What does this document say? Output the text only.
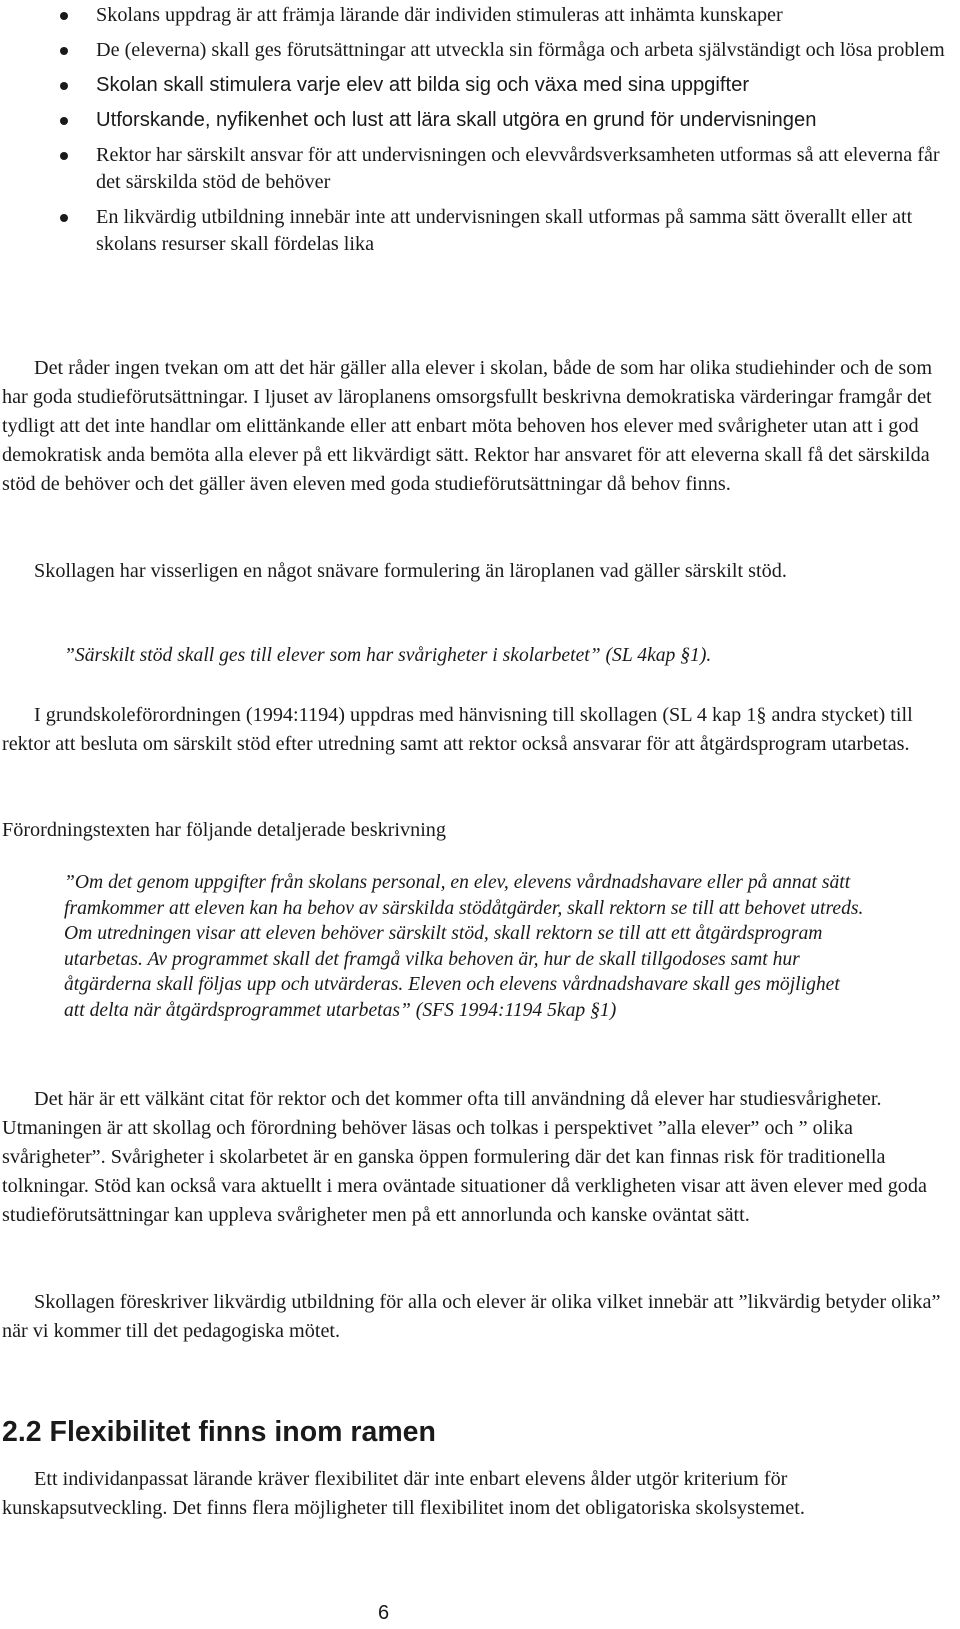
Skolans uppdrag är att främja lärande där individen stimuleras att inhämta kunskaper
De (eleverna) skall ges förutsättningar att utveckla sin förmåga och arbeta självständigt och lösa problem
Skolan skall stimulera varje elev att bilda sig och växa med sina uppgifter
Utforskande, nyfikenhet och lust att lära skall utgöra en grund för undervisningen
Rektor har särskilt ansvar för att undervisningen och elevvårdsverksamheten utformas så att eleverna får det särskilda stöd de behöver
En likvärdig utbildning innebär inte att undervisningen skall utformas på samma sätt överallt eller att skolans resurser skall fördelas lika

Det råder ingen tvekan om att det här gäller alla elever i skolan, både de som har olika studiehinder och de som har goda studieförutsättningar. I ljuset av läroplanens omsorgsfullt beskrivna demokratiska värderingar framgår det tydligt att det inte handlar om elittänkande eller att enbart möta behoven hos elever med svårigheter utan att i god demokratisk anda bemöta alla elever på ett likvärdigt sätt. Rektor har ansvaret för att eleverna skall få det särskilda stöd de behöver och det gäller även eleven med goda studieförutsättningar då behov finns.

Skollagen har visserligen en något snävare formulering än läroplanen vad gäller särskilt stöd.

”Särskilt stöd skall ges till elever som har svårigheter i skolarbetet” (SL 4kap §1).

I grundskoleförordningen (1994:1194) uppdras med hänvisning till skollagen (SL 4 kap 1§ andra stycket) till rektor att besluta om särskilt stöd efter utredning samt att rektor också ansvarar för att åtgärdsprogram utarbetas.

Förordningstexten har följande detaljerade beskrivning

”Om det genom uppgifter från skolans personal, en elev, elevens vårdnadshavare eller på annat sätt framkommer att eleven kan ha behov av särskilda stödåtgärder, skall rektorn se till att behovet utreds. Om utredningen visar att eleven behöver särskilt stöd, skall rektorn se till att ett åtgärdsprogram utarbetas. Av programmet skall det framgå vilka behoven är, hur de skall tillgodoses samt hur åtgärderna skall följas upp och utvärderas. Eleven och elevens vårdnadshavare skall ges möjlighet att delta när åtgärdsprogrammet utarbetas” (SFS 1994:1194 5kap §1)

Det här är ett välkänt citat för rektor och det kommer ofta till användning då elever har studiesvårigheter. Utmaningen är att skollag och förordning behöver läsas och tolkas i perspektivet ”alla elever” och ” olika svårigheter”. Svårigheter i skolarbetet är en ganska öppen formulering där det kan finnas risk för traditionella tolkningar. Stöd kan också vara aktuellt i mera oväntade situationer då verkligheten visar att även elever med goda studieförutsättningar kan uppleva svårigheter men på ett annorlunda och kanske oväntat sätt.

Skollagen föreskriver likvärdig utbildning för alla och elever är olika vilket innebär att ”likvärdig betyder olika” när vi kommer till det pedagogiska mötet.

2.2 Flexibilitet finns inom ramen

Ett individanpassat lärande kräver flexibilitet där inte enbart elevens ålder utgör kriterium för kunskapsutveckling. Det finns flera möjligheter till flexibilitet inom det obligatoriska skolsystemet.

6
